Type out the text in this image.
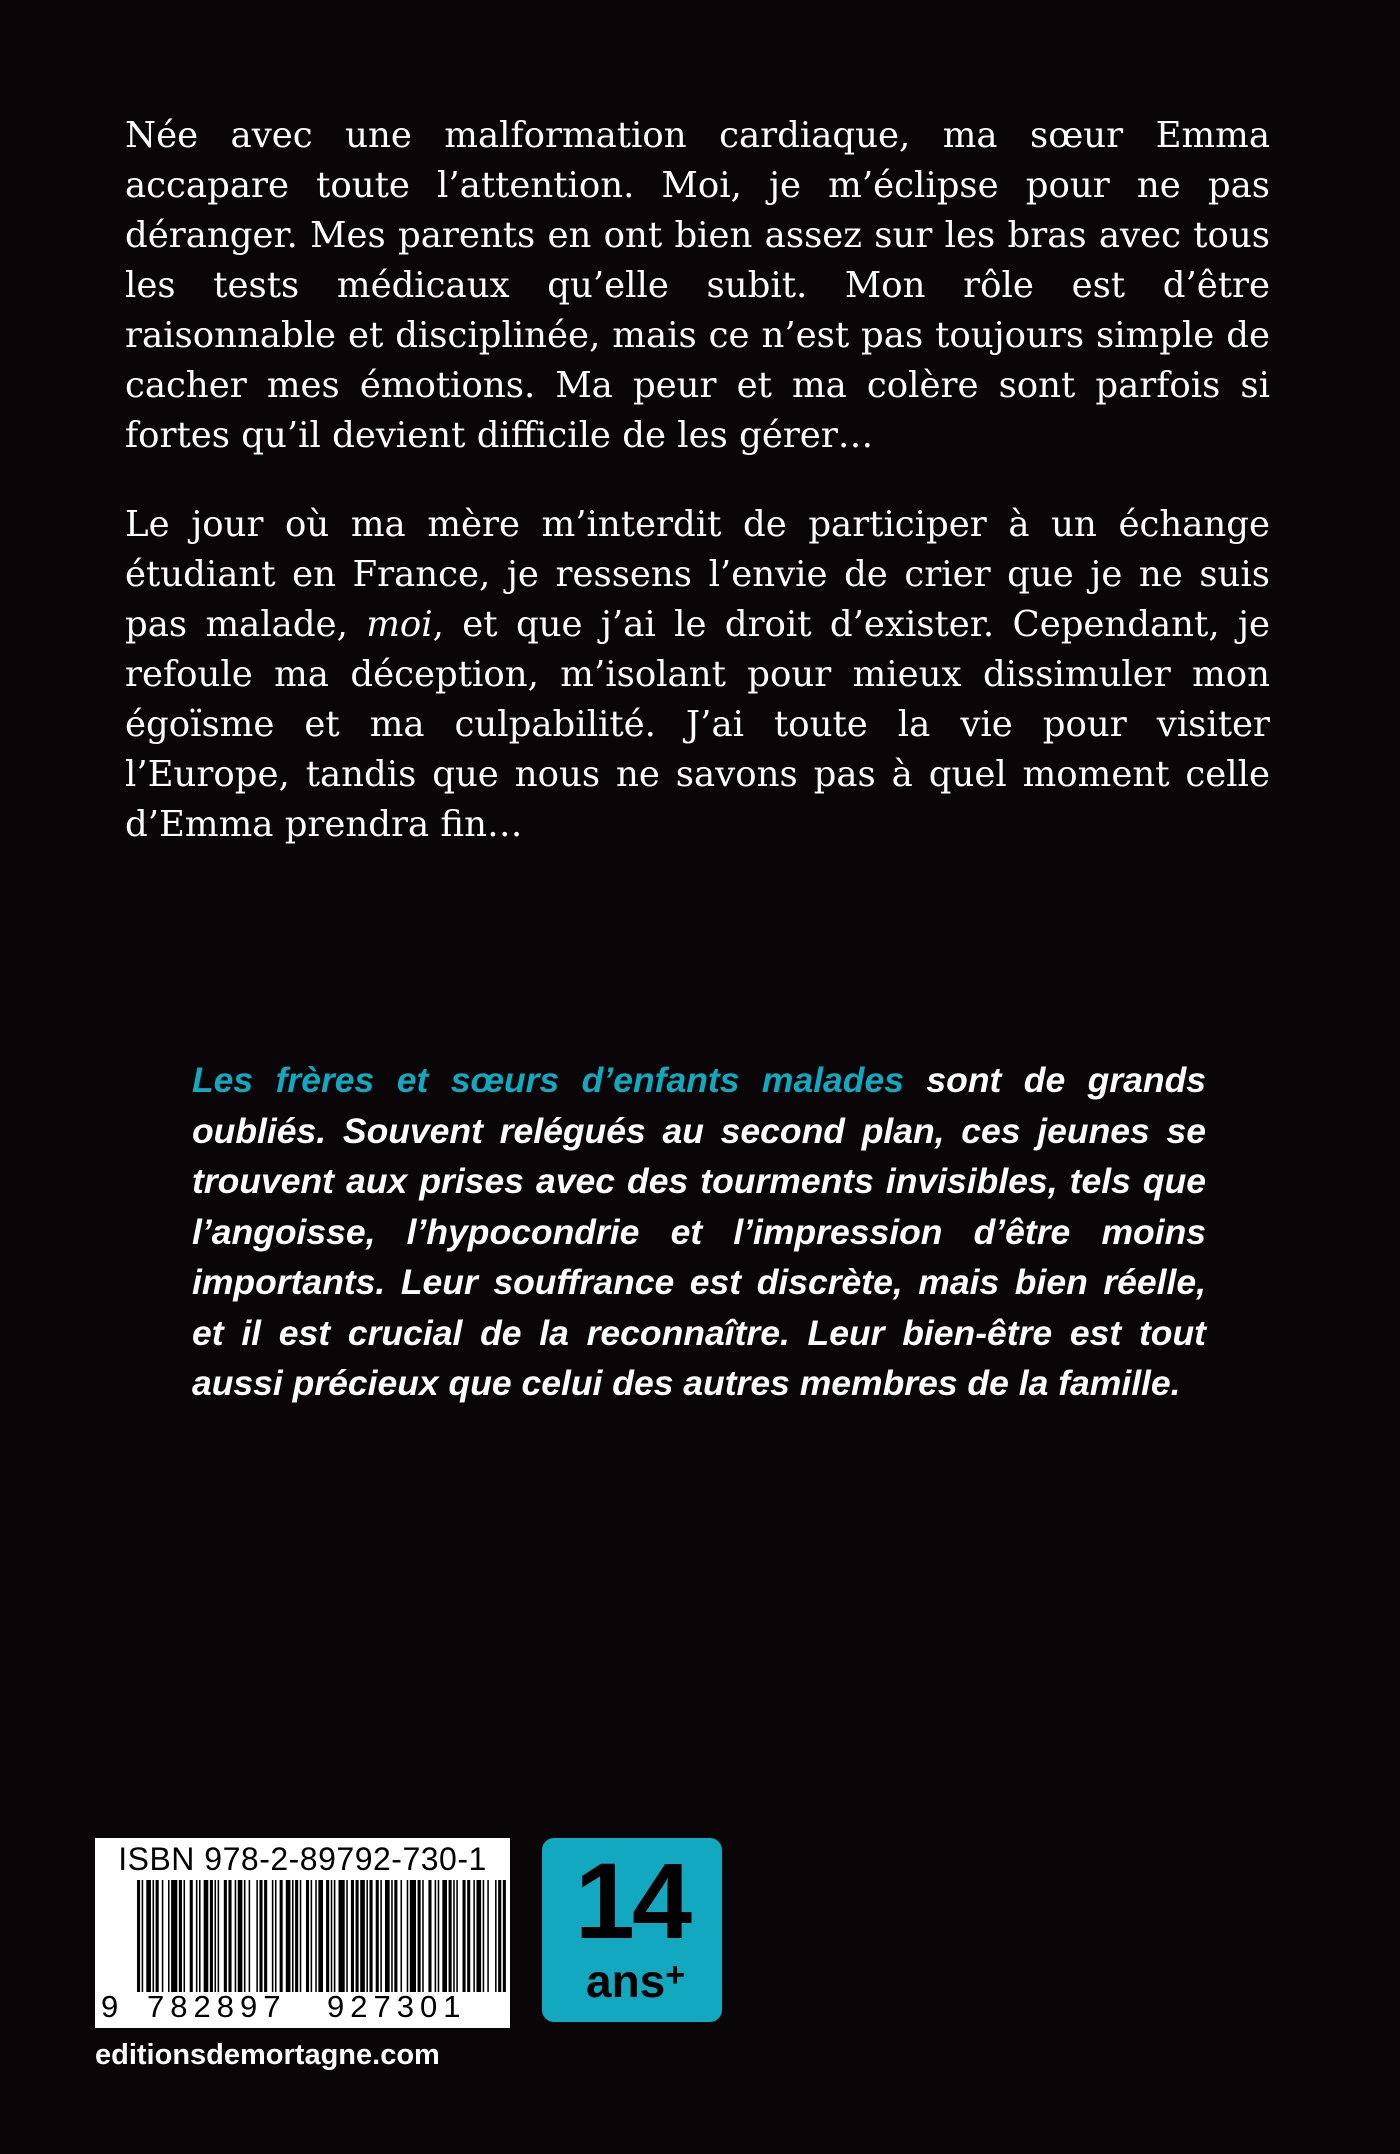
Née avec une malformation cardiaque, ma sœur Emma accapare toute l’attention. Moi, je m’éclipse pour ne pas déranger. Mes parents en ont bien assez sur les bras avec tous les tests médicaux qu’elle subit. Mon rôle est d’être raisonnable et disciplinée, mais ce n’est pas toujours simple de cacher mes émotions. Ma peur et ma colère sont parfois si fortes qu’il devient difficile de les gérer…

Le jour où ma mère m’interdit de participer à un échange étudiant en France, je ressens l’envie de crier que je ne suis pas malade, moi, et que j’ai le droit d’exister. Cependant, je refoule ma déception, m’isolant pour mieux dissimuler mon égoïsme et ma culpabilité. J’ai toute la vie pour visiter l’Europe, tandis que nous ne savons pas à quel moment celle d’Emma prendra fin…

Les frères et sœurs d’enfants malades sont de grands oubliés. Souvent relégués au second plan, ces jeunes se trouvent aux prises avec des tourments invisibles, tels que l’angoisse, l’hypocondrie et l’impression d’être moins importants. Leur souffrance est discrète, mais bien réelle, et il est crucial de la reconnaître. Leur bien-être est tout aussi précieux que celui des autres membres de la famille.

ISBN 978-2-89792-730-1
9 782897 927301
14
ans+
editionsdemortagne.com
